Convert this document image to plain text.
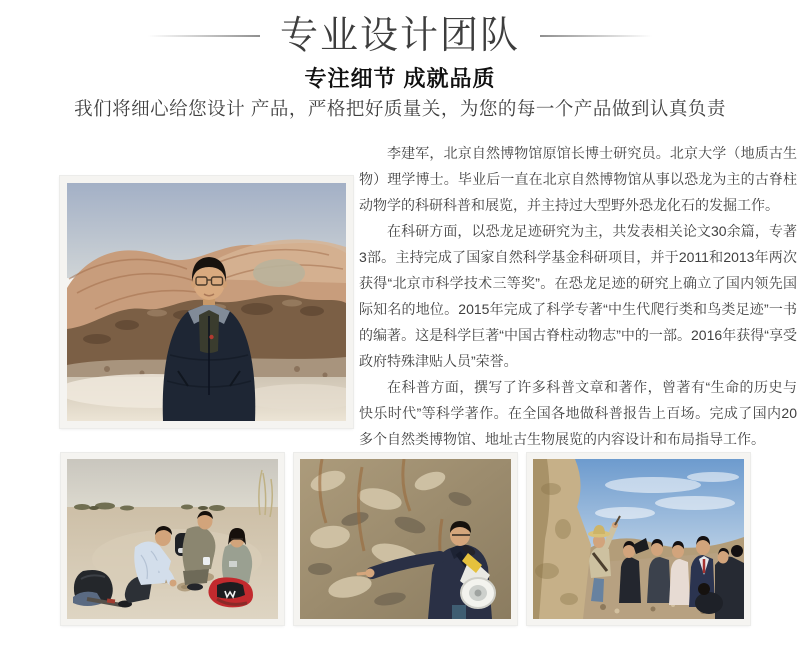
专业设计团队
专注细节 成就品质

我们将细心给您设计 产品，严格把好质量关，为您的每一个产品做到认真负责

李建军，北京自然博物馆原馆长博士研究员。北京大学（地质古生物）理学博士。毕业后一直在北京自然博物馆从事以恐龙为主的古脊柱动物学的科研科普和展览，并主持过大型野外恐龙化石的发掘工作。

在科研方面，以恐龙足迹研究为主，共发表相关论文30余篇，专著3部。主持完成了国家自然科学基金科研项目，并于2011和2013年两次获得“北京市科学技术三等奖”。在恐龙足迹的研究上确立了国内领先国际知名的地位。2015年完成了科学专著“中生代爬行类和鸟类足迹”一书的编著。这是科学巨著“中国古脊柱动物志”中的一部。2016年获得“享受政府特殊津贴人员”荣誉。

在科普方面，撰写了许多科普文章和著作，曾著有“生命的历史与快乐时代”等科学著作。在全国各地做科普报告上百场。完成了国内20多个自然类博物馆、地址古生物展览的内容设计和布局指导工作。
